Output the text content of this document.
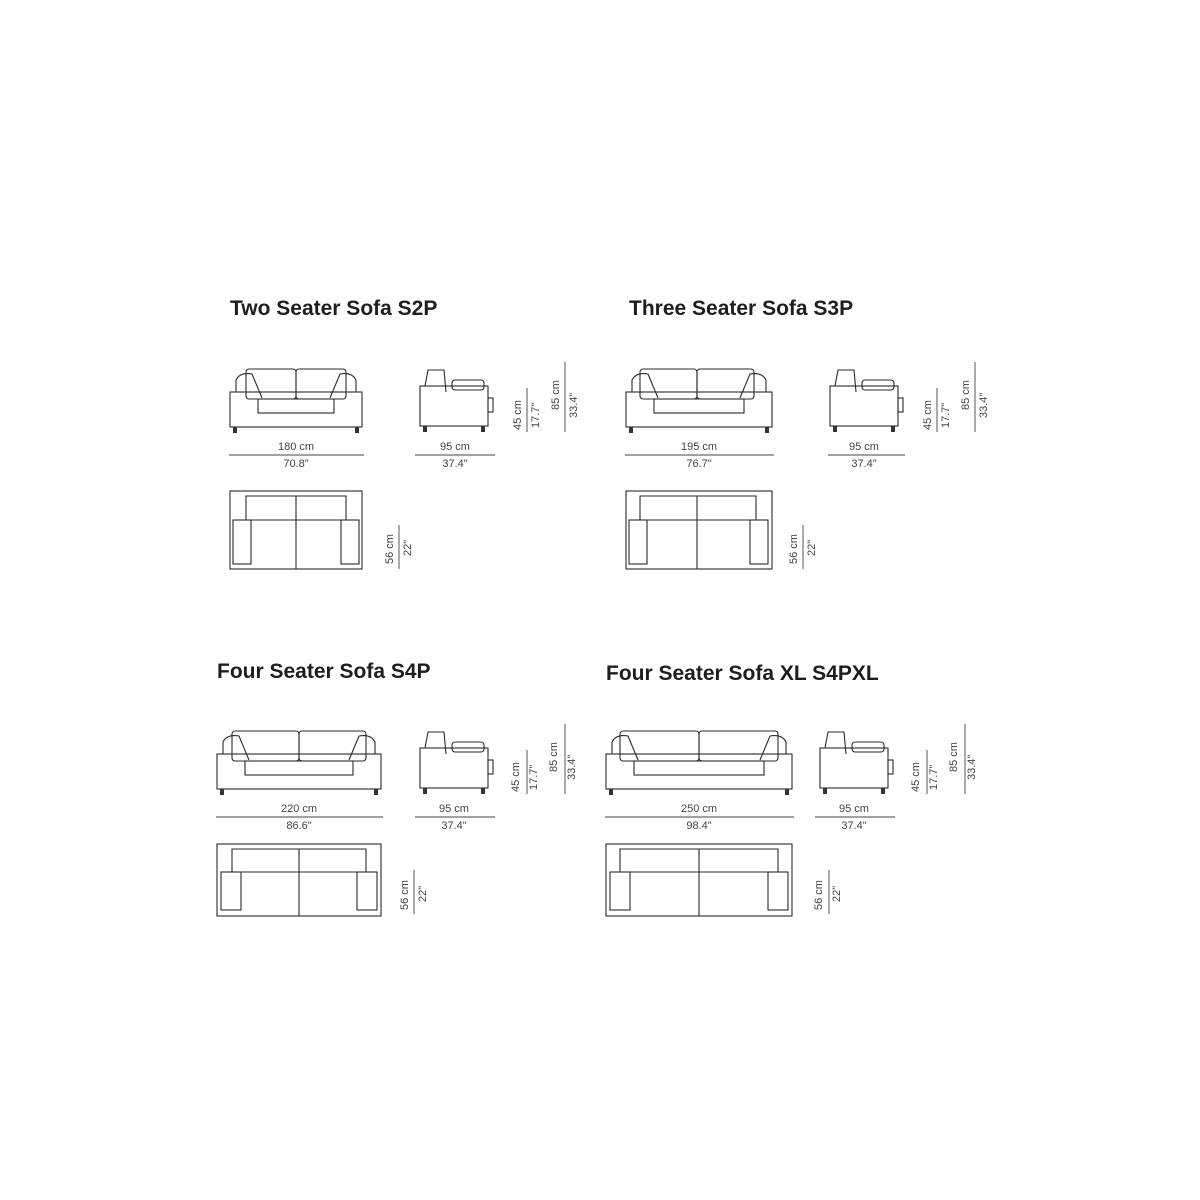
Two Seater Sofa S2P
180 cm
70.8"
95 cm
37.4"
45 cm 17.7"
85 cm 33.4"
56 cm 22"
Three Seater Sofa S3P
195 cm
76.7"
95 cm
37.4"
45 cm 17.7"
85 cm 33.4"
56 cm 22"
Four Seater Sofa S4P
220 cm
86.6"
95 cm
37.4"
45 cm 17.7"
85 cm 33.4"
56 cm 22"
Four Seater Sofa XL S4PXL
250 cm
98.4"
95 cm
37.4"
45 cm 17.7"
85 cm 33.4"
56 cm 22"
